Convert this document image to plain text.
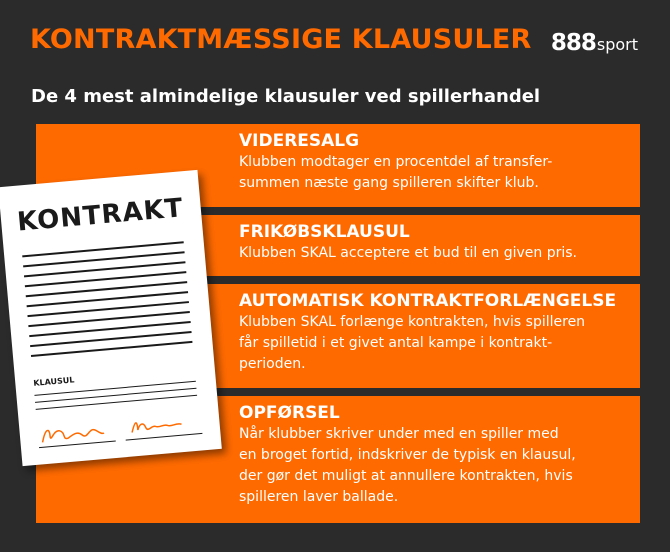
KONTRAKTMÆSSIGE KLAUSULER 888 sport
De 4 mest almindelige klausuler ved spillerhandel
VIDERESALG
Klubben modtager en procentdel af transfer-
summen næste gang spilleren skifter klub.
FRIKØBSKLAUSUL
Klubben SKAL acceptere et bud til en given pris.
AUTOMATISK KONTRAKTFORLÆNGELSE
Klubben SKAL forlænge kontrakten, hvis spilleren
får spilletid i et givet antal kampe i kontrakt-
perioden.
OPFØRSEL
Når klubber skriver under med en spiller med
en broget fortid, indskriver de typisk en klausul,
der gør det muligt at annullere kontrakten, hvis
spilleren laver ballade.
KONTRAKT
KLAUSUL
